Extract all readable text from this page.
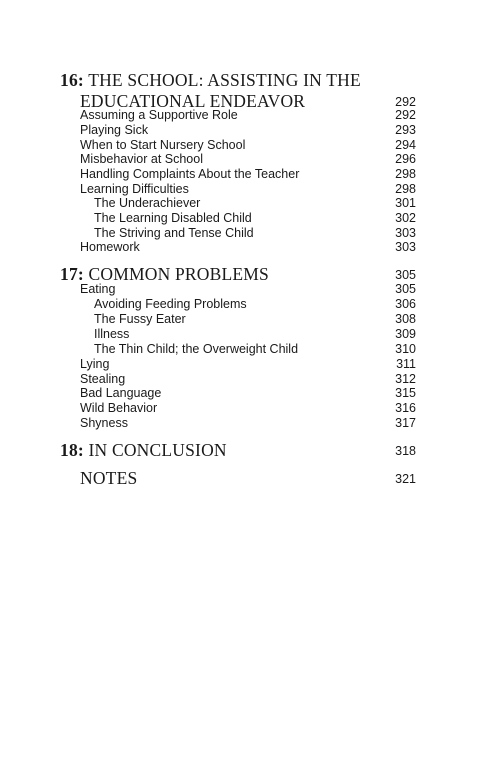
16: THE SCHOOL: ASSISTING IN THE
EDUCATIONAL ENDEAVOR	292
Assuming a Supportive Role	292
Playing Sick	293
When to Start Nursery School	294
Misbehavior at School	296
Handling Complaints About the Teacher	298
Learning Difficulties	298
The Underachiever	301
The Learning Disabled Child	302
The Striving and Tense Child	303
Homework	303
17: COMMON PROBLEMS	305
Eating	305
Avoiding Feeding Problems	306
The Fussy Eater	308
Illness	309
The Thin Child; the Overweight Child	310
Lying	311
Stealing	312
Bad Language	315
Wild Behavior	316
Shyness	317
18: IN CONCLUSION	318
NOTES	321
